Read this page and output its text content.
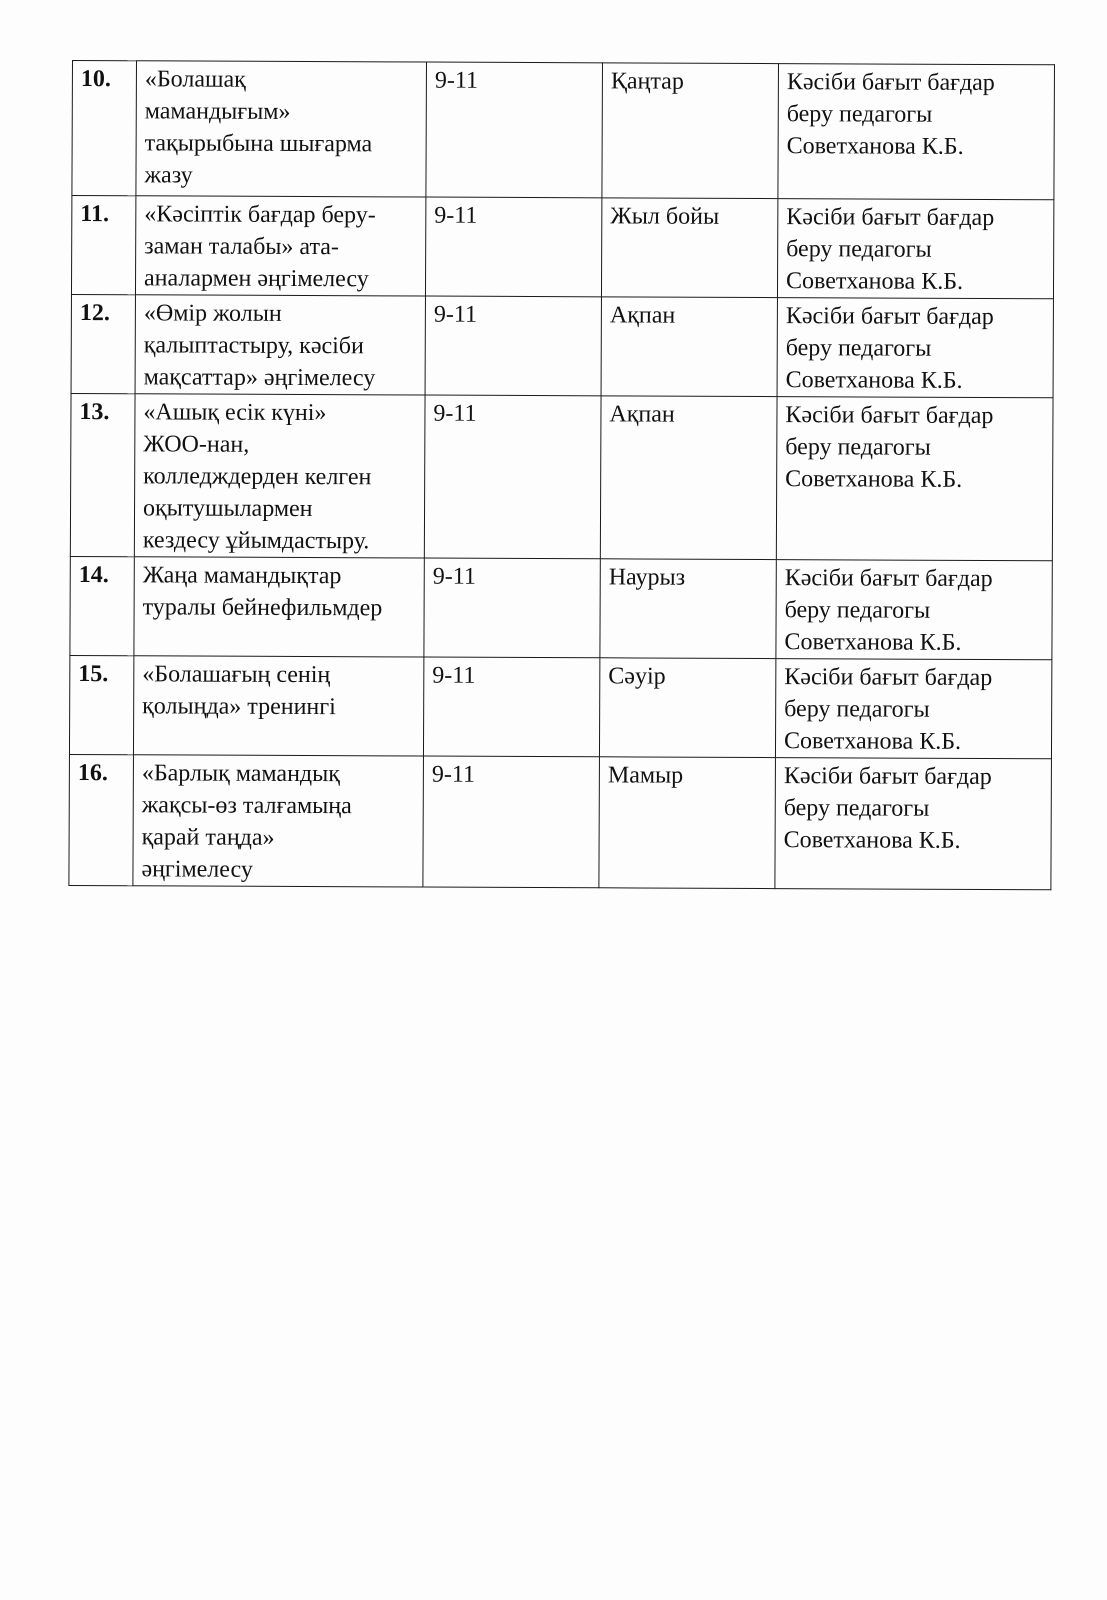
10.	«Болашақ
мамандығым»
тақырыбына шығарма
жазу	9-11	Қаңтар	Кәсіби бағыт бағдар
беру педагогы
Советханова К.Б.

11.	«Кәсіптік бағдар беру-
заман талабы» ата-
аналармен әңгімелесу	9-11	Жыл бойы	Кәсіби бағыт бағдар
беру педагогы
Советханова К.Б.

12.	«Өмір жолын
қалыптастыру, кәсіби
мақсаттар» әңгімелесу	9-11	Ақпан	Кәсіби бағыт бағдар
беру педагогы
Советханова К.Б.

13.	«Ашық есік күні»
ЖОО-нан,
колледждерден келген
оқытушылармен
кездесу ұйымдастыру.	9-11	Ақпан	Кәсіби бағыт бағдар
беру педагогы
Советханова К.Б.

14.	Жаңа мамандықтар
туралы бейнефильмдер	9-11	Наурыз	Кәсіби бағыт бағдар
беру педагогы
Советханова К.Б.

15.	«Болашағың сенің
қолыңда» тренингі	9-11	Сәуір	Кәсіби бағыт бағдар
беру педагогы
Советханова К.Б.

16.	«Барлық мамандық
жақсы-өз талғамыңа
қарай таңда»
әңгімелесу	9-11	Мамыр	Кәсіби бағыт бағдар
беру педагогы
Советханова К.Б.
